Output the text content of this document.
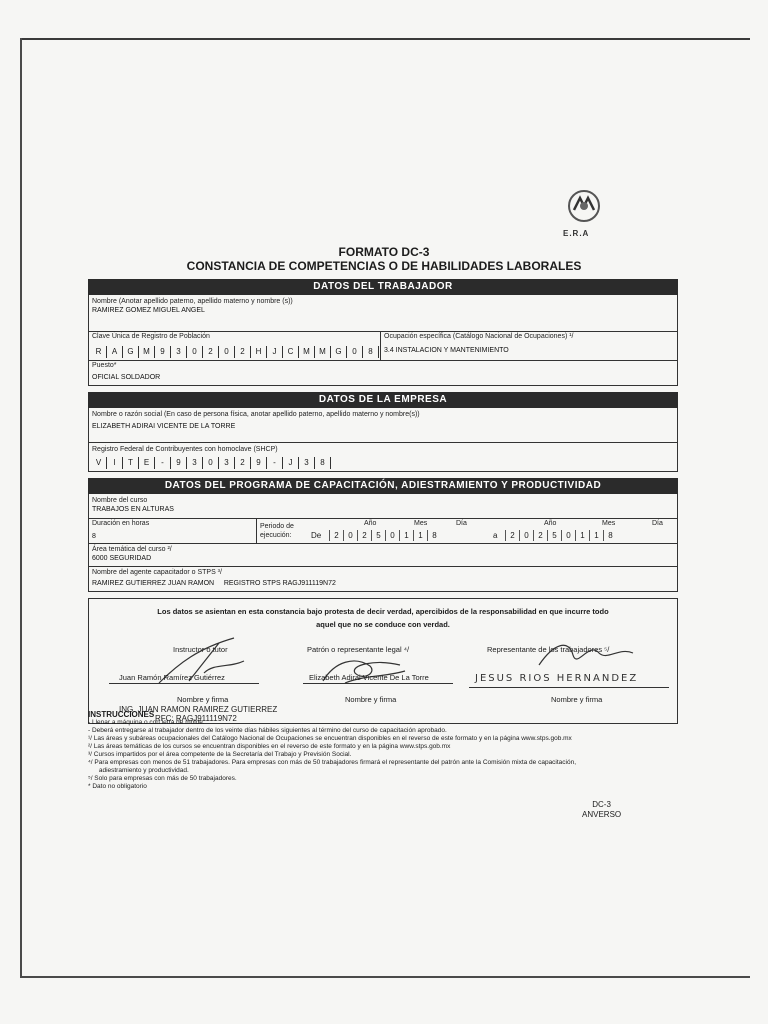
E.R.A
FORMATO DC-3
CONSTANCIA DE COMPETENCIAS O DE HABILIDADES LABORALES
DATOS DEL TRABAJADOR
Nombre (Anotar apellido paterno, apellido materno y nombre (s))
RAMIREZ GOMEZ MIGUEL ANGEL
Clave Única de Registro de Población
R	A	G	M	9	3	0	2	0	2	H	J	C	M	M	G	0	8
Ocupación específica (Catálogo Nacional de Ocupaciones) ¹/
3.4 INSTALACION Y MANTENIMIENTO
Puesto*
OFICIAL SOLDADOR
DATOS DE LA EMPRESA
Nombre o razón social (En caso de persona física, anotar apellido paterno, apellido materno y nombre(s))
ELIZABETH ADIRAI VICENTE DE LA TORRE
Registro Federal de Contribuyentes con homoclave (SHCP)
V	I	T	E	-	9	3	0	3	2	9	-	J	3	8
DATOS DEL PROGRAMA DE CAPACITACIÓN, ADIESTRAMIENTO Y PRODUCTIVIDAD
Nombre del curso
TRABAJOS EN ALTURAS
Duración en horas
8
Periodo de
ejecución:
Año	Mes	Día	Año	Mes	Día
De	2	0	2	5	0	1	1	8	a	2	0	2	5	0	1	1	8
Área temática del curso ²/
6000 SEGURIDAD
Nombre del agente capacitador o STPS ³/
RAMIREZ GUTIERREZ JUAN RAMON     REGISTRO STPS RAGJ911119N72
Los datos se asientan en esta constancia bajo protesta de decir verdad, apercibidos de la responsabilidad en que incurre todo
aquel que no se conduce con verdad.
Instructor o tutor
Juan Ramón Ramírez Gutiérrez
Nombre y firma
ING. JUAN RAMON RAMIREZ GUTIERREZ
RFC: RAGJ911119N72
Patrón o representante legal ⁴/
Elizabeth Adirai Vicente De La Torre
Nombre y firma
Representante de los trabajadores ⁵/
JESUS RIOS HERNANDEZ
Nombre y firma
INSTRUCCIONES
- Llenar a máquina o con letra de molde.
- Deberá entregarse al trabajador dentro de los veinte días hábiles siguientes al término del curso de capacitación aprobado.
¹/ Las áreas y subáreas ocupacionales del Catálogo Nacional de Ocupaciones se encuentran disponibles en el reverso de este formato y en la página www.stps.gob.mx
²/ Las áreas temáticas de los cursos se encuentran disponibles en el reverso de este formato y en la página www.stps.gob.mx
³/ Cursos impartidos por el área competente de la Secretaría del Trabajo y Previsión Social.
⁴/ Para empresas con menos de 51 trabajadores. Para empresas con más de 50 trabajadores firmará el representante del patrón ante la Comisión mixta de capacitación,
adiestramiento y productividad.
⁵/ Solo para empresas con más de 50 trabajadores.
* Dato no obligatorio
DC-3
ANVERSO
